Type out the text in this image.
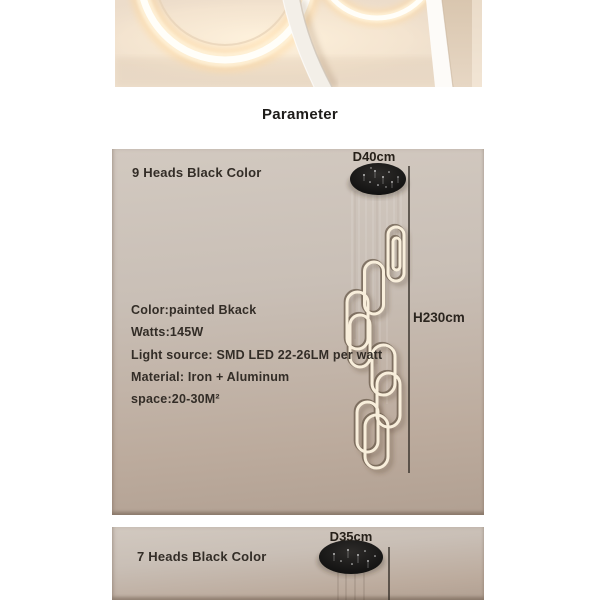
Parameter
9 Heads Black Color
D40cm
H230cm
Color:painted Bkack
Watts:145W
Light source: SMD LED 22-26LM per watt
Material: Iron + Aluminum
space:20-30M²
7 Heads Black Color
D35cm
